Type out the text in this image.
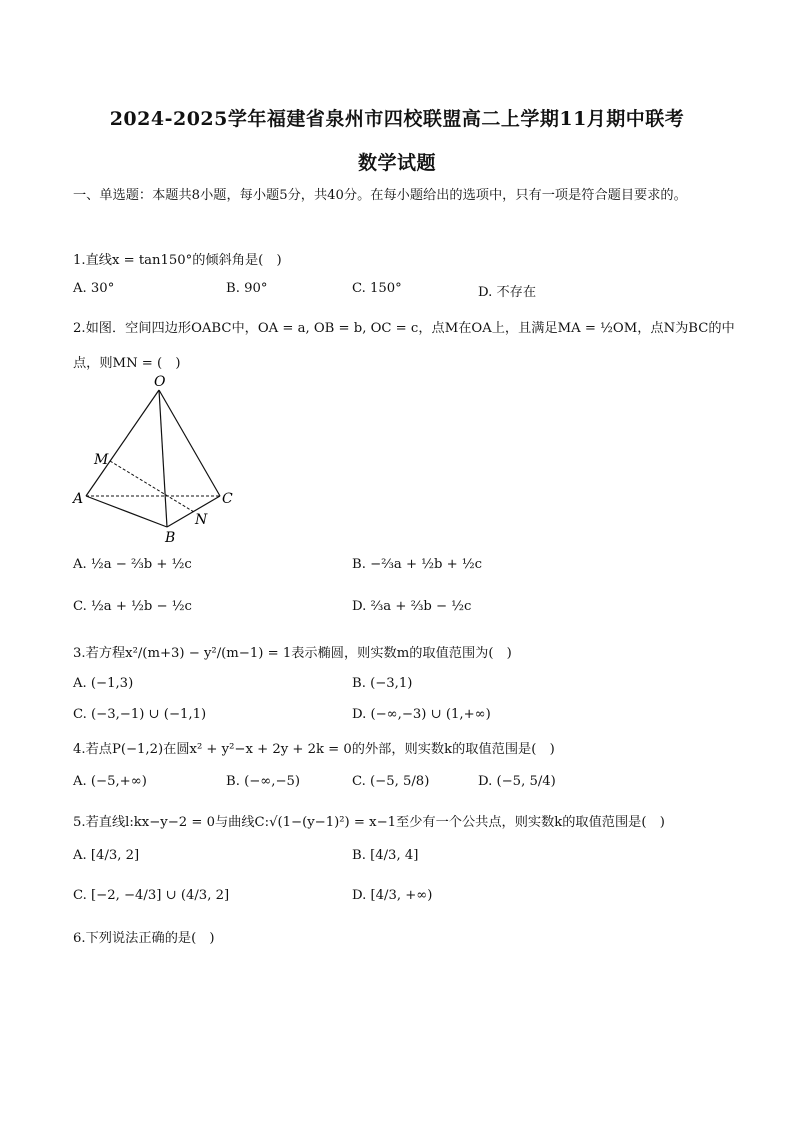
2024-2025学年福建省泉州市四校联盟高二上学期11月期中联考
数学试题
一、单选题：本题共8小题，每小题5分，共40分。在每小题给出的选项中，只有一项是符合题目要求的。
1.直线x = tan150°的倾斜角是(　)
A. 30°	B. 90°	C. 150°	D. 不存在
2.如图．空间四边形OABC中，OA = a, OB = b, OC = c，点M在OA上，且满足MA = ½OM，点N为BC的中
点，则MN = (　)
O
M
A	C
N
B
A. ½a − ⅔b + ½c	B. −⅔a + ½b + ½c
C. ½a + ½b − ½c	D. ⅔a + ⅔b − ½c
3.若方程x²/(m+3) − y²/(m−1) = 1表示椭圆，则实数m的取值范围为(　)
A. (−1,3)	B. (−3,1)
C. (−3,−1) ∪ (−1,1)	D. (−∞,−3) ∪ (1,+∞)
4.若点P(−1,2)在圆x² + y²−x + 2y + 2k = 0的外部，则实数k的取值范围是(　)
A. (−5,+∞)	B. (−∞,−5)	C. (−5, 5/8)	D. (−5, 5/4)
5.若直线l:kx−y−2 = 0与曲线C:√(1−(y−1)²) = x−1至少有一个公共点，则实数k的取值范围是(　)
A. [4/3, 2]	B. [4/3, 4]
C. [−2, −4/3] ∪ (4/3, 2]	D. [4/3, +∞)
6.下列说法正确的是(　)
